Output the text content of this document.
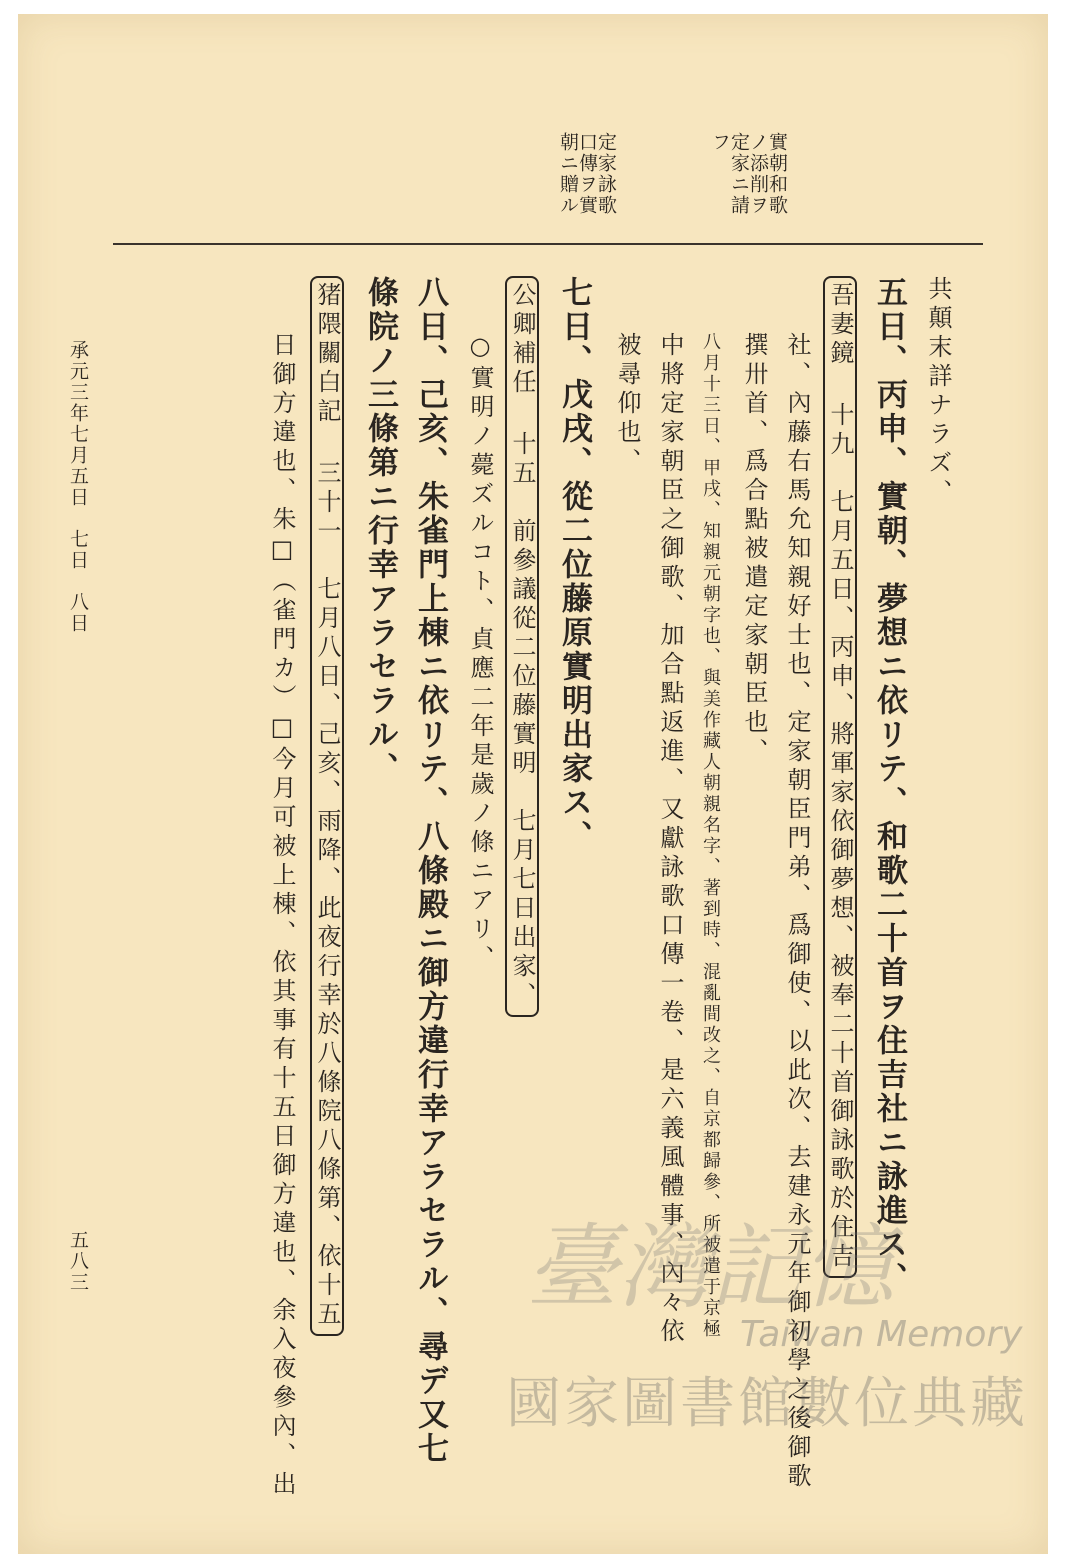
實朝和歌
ノ添削ヲ
定家ニ請
フ
定家詠歌
口傳ヲ實
朝ニ贈ル
共顛末詳ナラズ、
五日、丙申、實朝、夢想ニ依リテ、和歌二十首ヲ住吉社ニ詠進ス、
吾妻鏡 十九　七月五日、丙申、將軍家依御夢想、被奉二十首御詠歌於住吉
社、內藤右馬允知親好士也、定家朝臣門弟、爲御使、以此次、去建永元年御初學之後御歌
撰卅首、爲合點被遣定家朝臣也、
八月十三日、甲戌、知親元朝字也、與美作藏人朝親名字、著到時、混亂間改之、自京都歸參、所被遣于京極
中將定家朝臣之御歌、加合點返進、又獻詠歌口傳一卷、是六義風體事、內々依
被尋仰也、
七日、戊戌、從二位藤原實明出家ス、
公卿補任 十五　前參議從二位藤實明　七月七日出家、
○實明ノ薨ズルコト、貞應二年是歲ノ條ニアリ、
八日、己亥、朱雀門上棟ニ依リテ、八條殿ニ御方違行幸アラセラル、尋デ又七
條院ノ三條第ニ行幸アラセラル、
猪隈關白記 三十一　七月八日、己亥、雨降、此夜行幸於八條院八條第、依十五
日御方違也、朱□（雀門カ）□今月可被上棟、依其事有十五日御方違也、余入夜參內、出
承元三年七月五日　七日　八日
五八三	臺灣記憶
Taiwan Memory
國家圖書館數位典藏
